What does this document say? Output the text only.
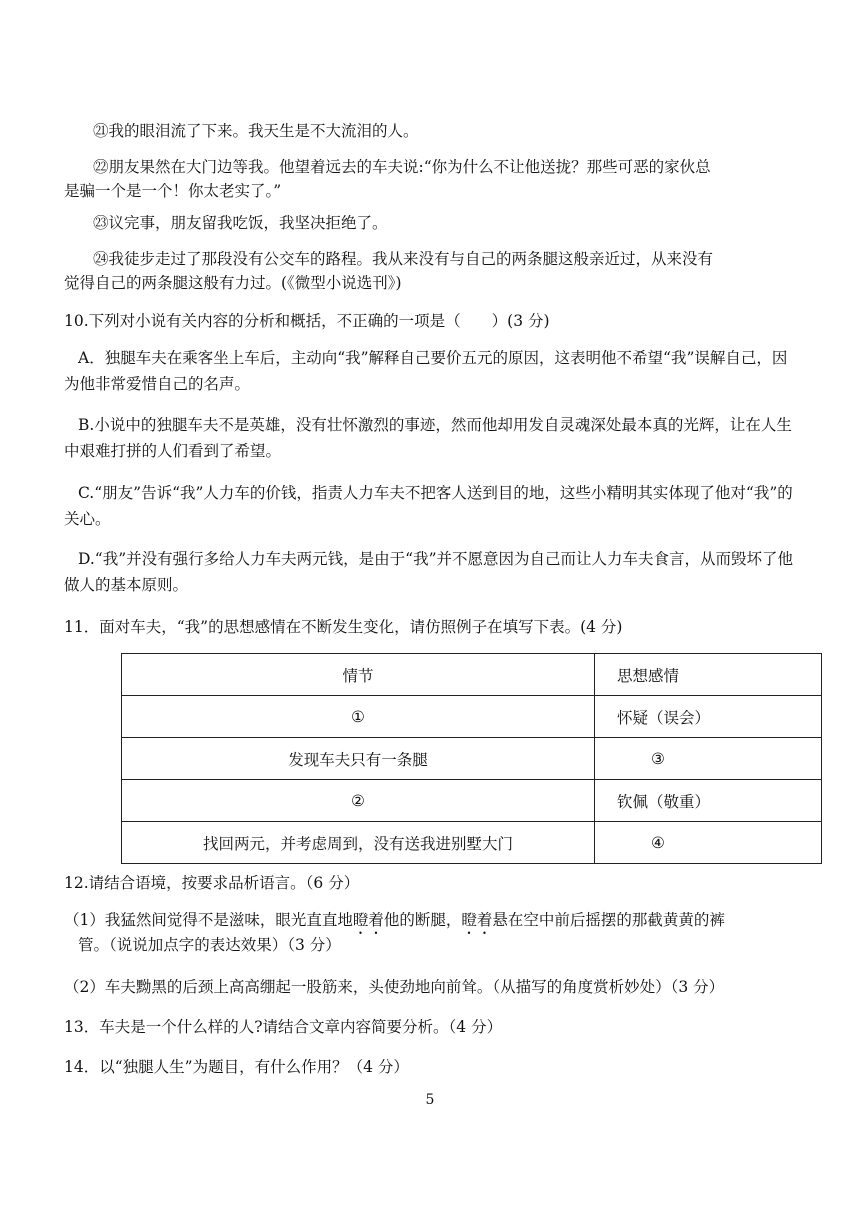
㉑我的眼泪流了下来。我天生是不大流泪的人。
㉒朋友果然在大门边等我。他望着远去的车夫说:“你为什么不让他送拢？那些可恶的家伙总
是骗一个是一个！你太老实了。”
㉓议完事，朋友留我吃饭，我坚决拒绝了。
㉔我徒步走过了那段没有公交车的路程。我从来没有与自己的两条腿这般亲近过，从来没有
觉得自己的两条腿这般有力过。(《微型小说选刊》)
10.下列对小说有关内容的分析和概括，不正确的一项是（　　）(3 分)
A．独腿车夫在乘客坐上车后，主动向“我”解释自己要价五元的原因，这表明他不希望“我”误解自己，因为他非常爱惜自己的名声。
B.小说中的独腿车夫不是英雄，没有壮怀激烈的事迹，然而他却用发自灵魂深处最本真的光辉，让在人生中艰难打拼的人们看到了希望。
C.“朋友”告诉“我”人力车的价钱，指责人力车夫不把客人送到目的地，这些小精明其实体现了他对“我”的关心。
D.“我”并没有强行多给人力车夫两元钱，是由于“我”并不愿意因为自己而让人力车夫食言，从而毁坏了他做人的基本原则。
11．面对车夫，“我”的思想感情在不断发生变化，请仿照例子在填写下表。(4 分)
情节	思想感情
①	怀疑（误会）
发现车夫只有一条腿	③
②	钦佩（敬重）
找回两元，并考虑周到，没有送我进别墅大门	④
12.请结合语境，按要求品析语言。（6 分）
（1）我猛然间觉得不是滋味，眼光直直地瞪着他的断腿，瞪着悬在空中前后摇摆的那截黄黄的裤
管。（说说加点字的表达效果）（3 分）
（2）车夫黝黑的后颈上高高绷起一股筋来，头使劲地向前耸。（从描写的角度赏析妙处）（3 分）
13．车夫是一个什么样的人?请结合文章内容简要分析。（4 分）
14．以“独腿人生”为题目，有什么作用？（4 分）
5
